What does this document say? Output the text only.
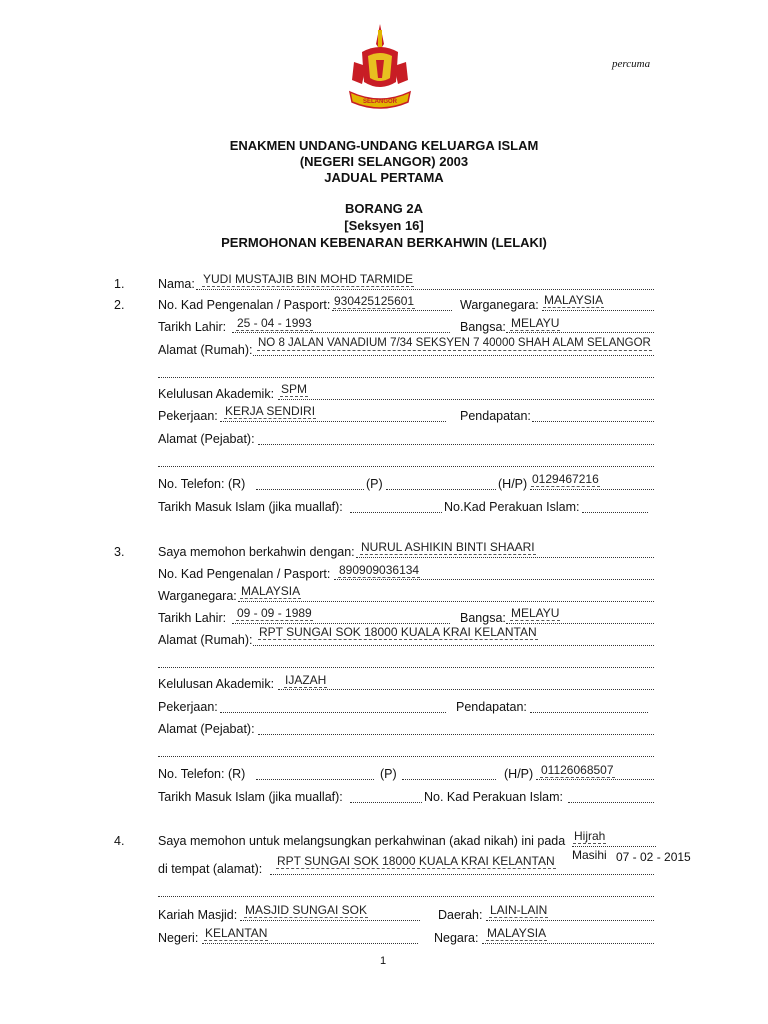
SELANGOR
percuma
ENAKMEN UNDANG-UNDANG KELUARGA ISLAM
(NEGERI SELANGOR) 2003
JADUAL PERTAMA
BORANG 2A
[Seksyen 16]
PERMOHONAN KEBENARAN BERKAHWIN (LELAKI)
1.	Nama: YUDI MUSTAJIB BIN MOHD TARMIDE
2.	No. Kad Pengenalan / Pasport: 930425125601	Warganegara: MALAYSIA
Tarikh Lahir: 25 - 04 - 1993	Bangsa: MELAYU
Alamat (Rumah): NO 8 JALAN VANADIUM 7/34 SEKSYEN 7 40000 SHAH ALAM SELANGOR
Kelulusan Akademik: SPM
Pekerjaan: KERJA SENDIRI	Pendapatan:
Alamat (Pejabat):
No. Telefon: (R)	(P)	(H/P) 0129467216
Tarikh Masuk Islam (jika muallaf):	No.Kad Perakuan Islam:
3.	Saya memohon berkahwin dengan: NURUL ASHIKIN BINTI SHAARI
No. Kad Pengenalan / Pasport: 890909036134
Warganegara: MALAYSIA
Tarikh Lahir: 09 - 09 - 1989	Bangsa: MELAYU
Alamat (Rumah):
RPT SUNGAI SOK 18000 KUALA KRAI KELANTAN
Kelulusan Akademik: IJAZAH
Pekerjaan:	Pendapatan:
Alamat (Pejabat):
No. Telefon: (R)	(P)	(H/P) 01126068507
Tarikh Masuk Islam (jika muallaf):	No. Kad Perakuan Islam:
4.	Saya memohon untuk melangsungkan perkahwinan (akad nikah) ini pada Hijrah
Masihi 07 - 02 - 2015
di tempat (alamat):
RPT SUNGAI SOK 18000 KUALA KRAI KELANTAN
Kariah Masjid: MASJID SUNGAI SOK	Daerah: LAIN-LAIN
Negeri: KELANTAN	Negara: MALAYSIA
1
